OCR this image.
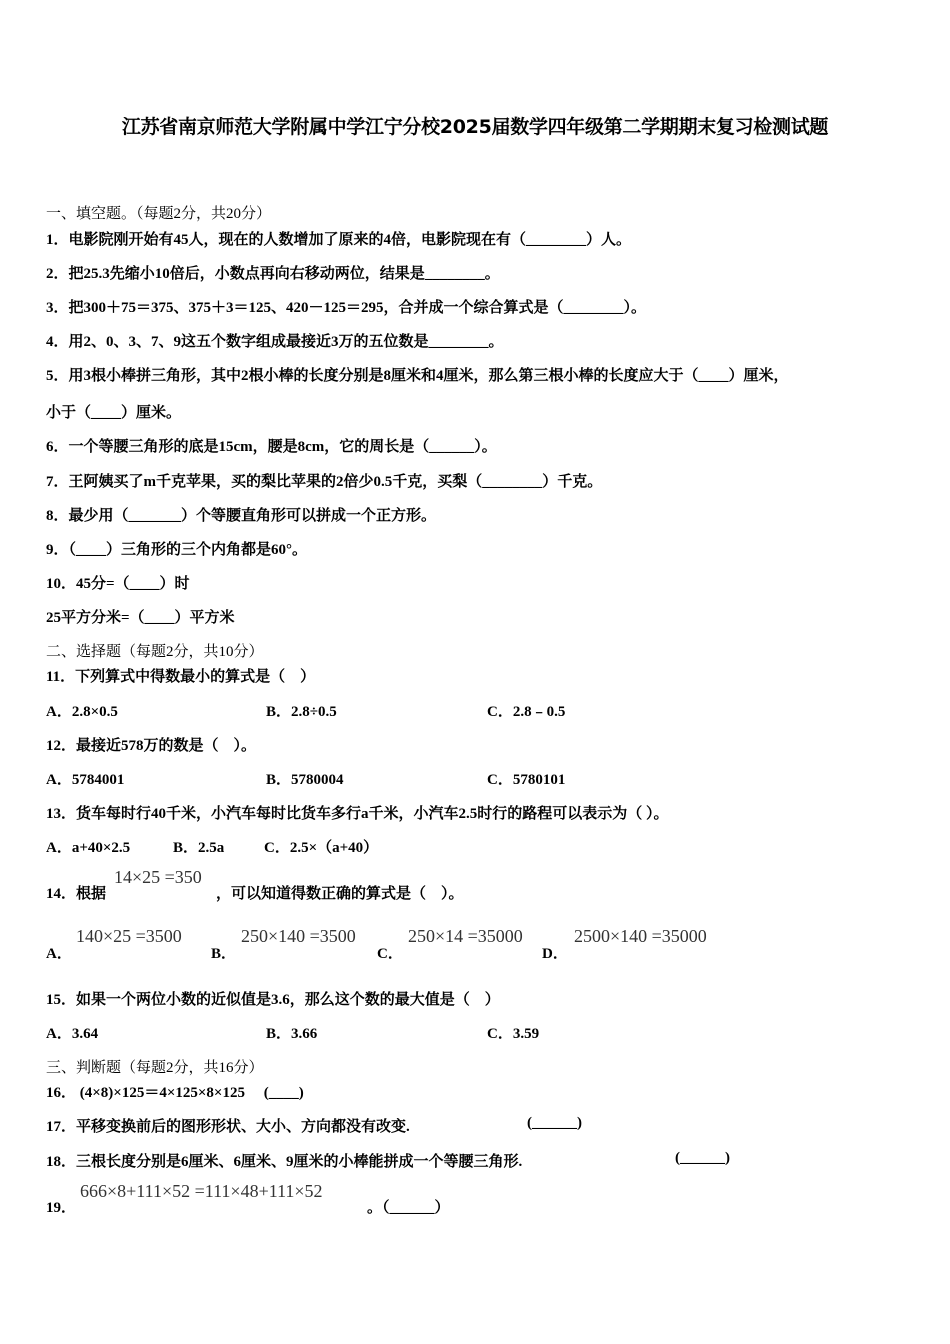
江苏省南京师范大学附属中学江宁分校2025届数学四年级第二学期期末复习检测试题
一、填空题。（每题2分，共20分）
1．电影院刚开始有45人，现在的人数增加了原来的4倍，电影院现在有（________）人。
2．把25.3先缩小10倍后，小数点再向右移动两位，结果是________。
3．把300＋75＝375、375＋3＝125、420－125＝295，合并成一个综合算式是（________）。
4．用2、0、3、7、9这五个数字组成最接近3万的五位数是________。
5．用3根小棒拼三角形，其中2根小棒的长度分别是8厘米和4厘米，那么第三根小棒的长度应大于（____）厘米，
小于（____）厘米。
6．一个等腰三角形的底是15cm，腰是8cm，它的周长是（______）。
7．王阿姨买了m千克苹果，买的梨比苹果的2倍少0.5千克，买梨（________）千克。
8．最少用（_______）个等腰直角形可以拼成一个正方形。
9．（____）三角形的三个内角都是60°。
10．45分=（____）时
25平方分米=（____）平方米
二、选择题（每题2分，共10分）
11．下列算式中得数最小的算式是（　）
A．2.8×0.5	B．2.8÷0.5	C．2.8﹣0.5
12．最接近578万的数是（　）。
A．5784001	B．5780004	C．5780101
13．货车每时行40千米，小汽车每时比货车多行a千米，小汽车2.5时行的路程可以表示为（ ）。
A．a+40×2.5	B．2.5a	C．2.5×（a+40）
14．根据
14×25 =350
，可以知道得数正确的算式是（　）。
A．
140×25 =3500
B．
250×140 =3500
C．
250×14 =35000
D．
2500×140 =35000
15．如果一个两位小数的近似值是3.6，那么这个数的最大值是（　）
A．3.64	B．3.66	C．3.59
三、判断题（每题2分，共16分）
16． (4×8)×125＝4×125×8×125　 (____)
17．平移变换前后的图形形状、大小、方向都没有改变.	(______)
18．三根长度分别是6厘米、6厘米、9厘米的小棒能拼成一个等腰三角形.	(______)
19．
666×8+111×52 =111×48+111×52
。（______）
